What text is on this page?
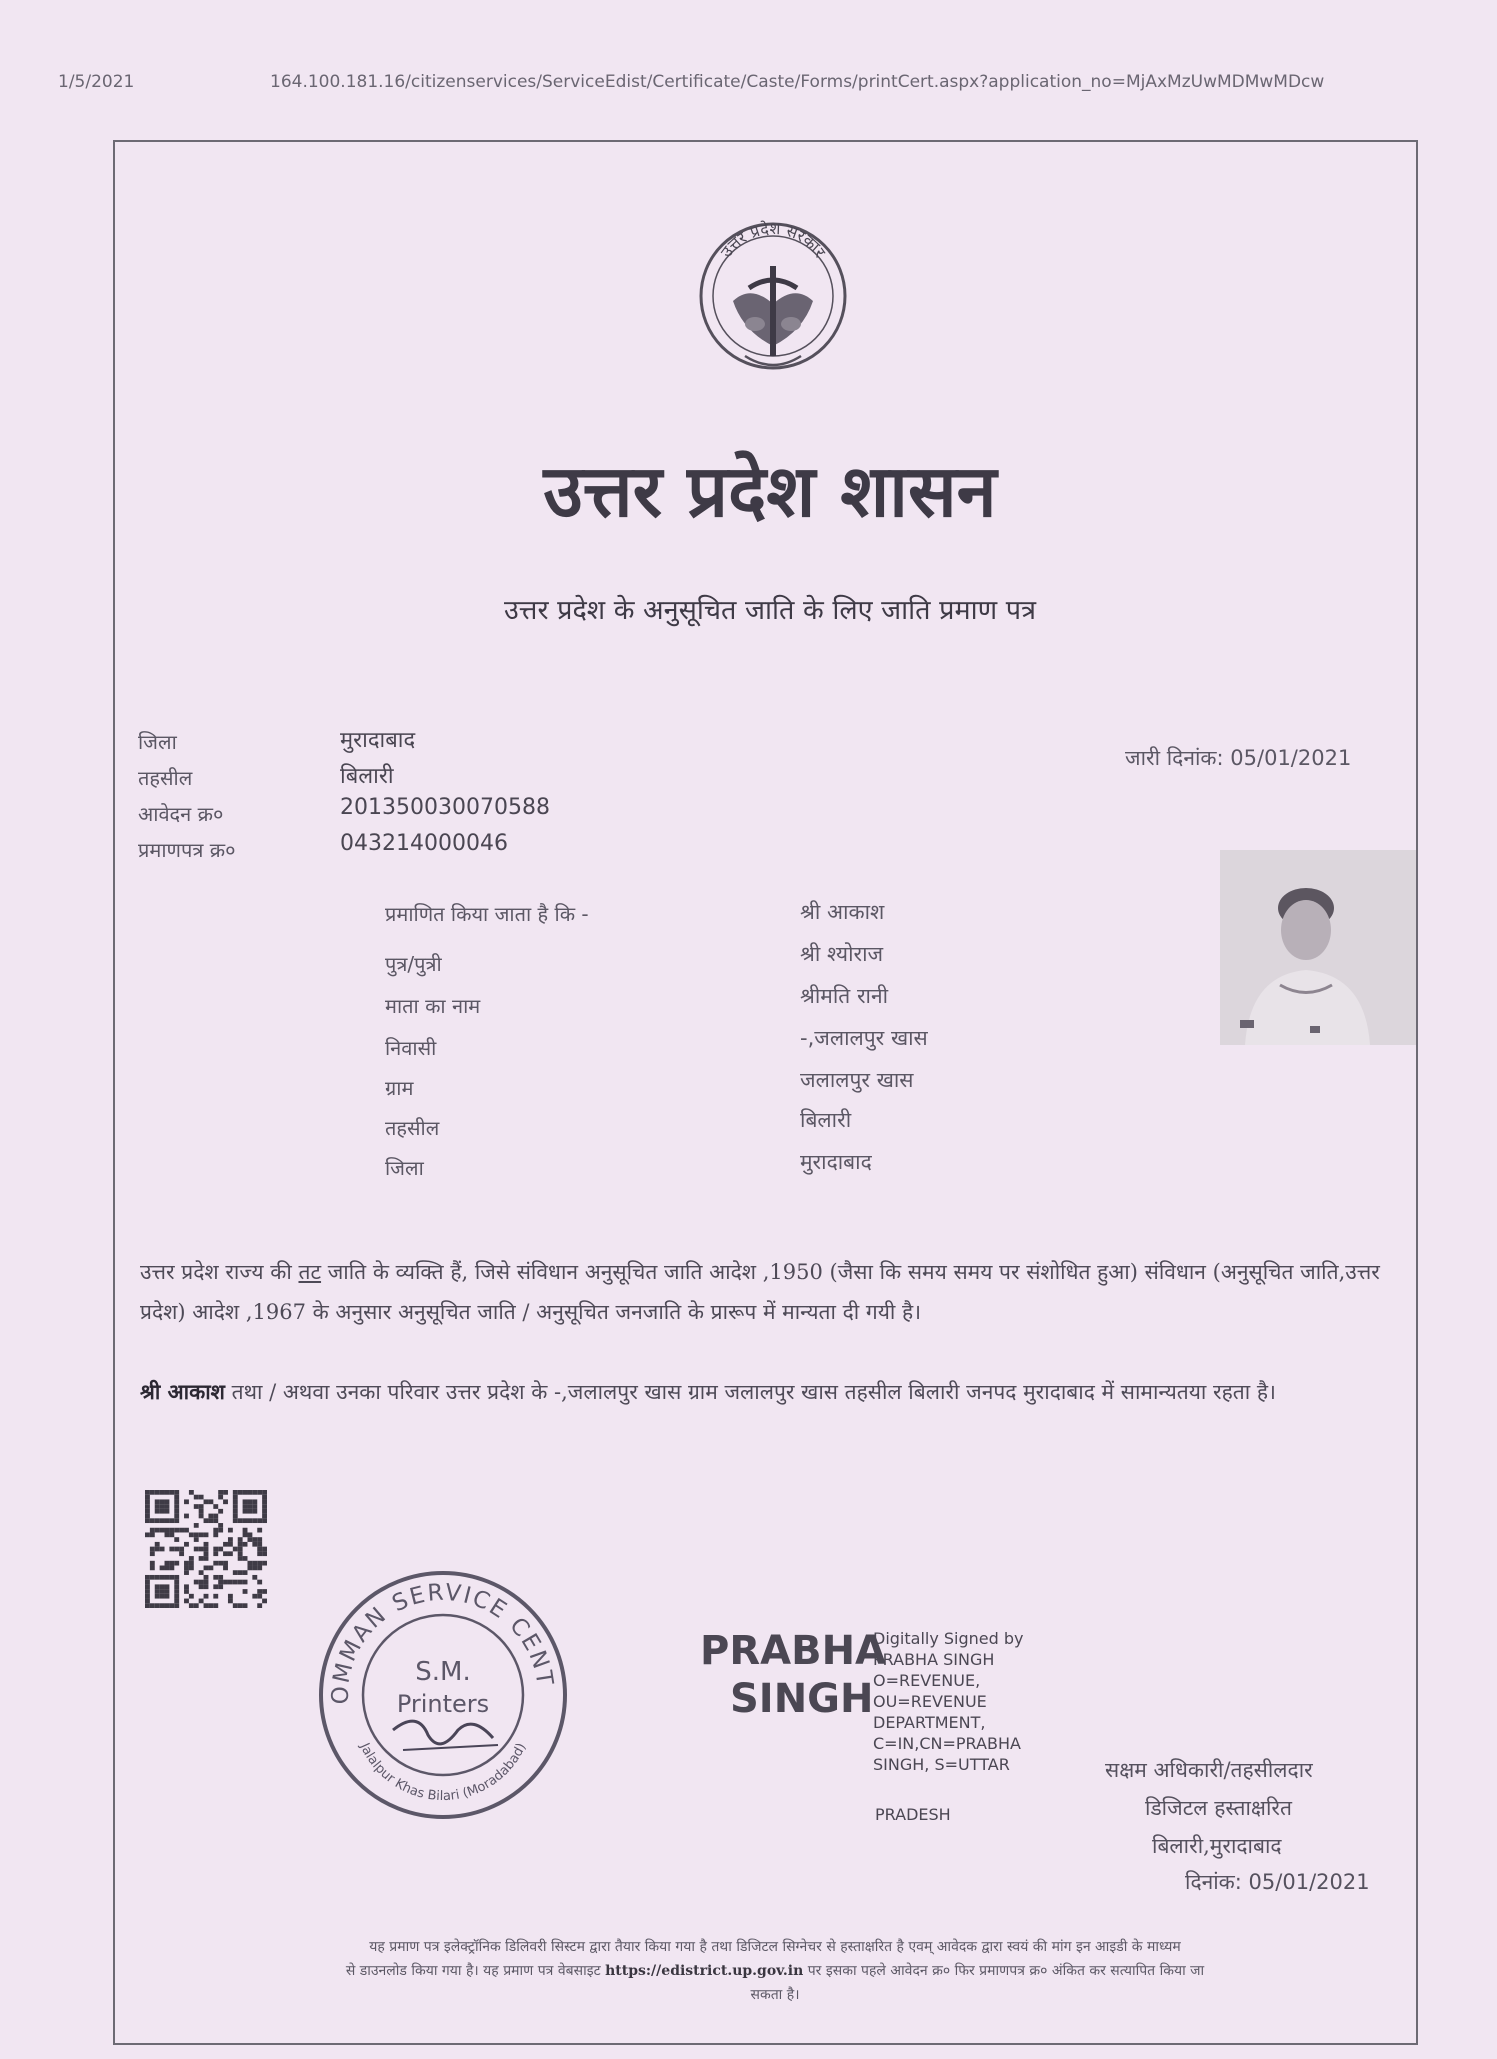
1/5/2021	164.100.181.16/citizenservices/ServiceEdist/Certificate/Caste/Forms/printCert.aspx?application_no=MjAxMzUwMDMwMDcw
उत्तर प्रदेश सरकार
उत्तर प्रदेश शासन
उत्तर प्रदेश के अनुसूचित जाति के लिए जाति प्रमाण पत्र
जिला	मुरादाबाद
तहसील	बिलारी
आवेदन क्र०	201350030070588
प्रमाणपत्र क्र०	043214000046
जारी दिनांक: 05/01/2021
प्रमाणित किया जाता है कि -	श्री आकाश
पुत्र/पुत्री	श्री श्योराज
माता का नाम	श्रीमति रानी
निवासी	-,जलालपुर खास
ग्राम	जलालपुर खास
तहसील	बिलारी
जिला	मुरादाबाद
उत्तर प्रदेश राज्य की तट जाति के व्यक्ति हैं, जिसे संविधान अनुसूचित जाति आदेश ,1950 (जैसा कि समय समय पर संशोधित हुआ) संविधान (अनुसूचित जाति,उत्तर प्रदेश) आदेश ,1967 के अनुसार अनुसूचित जाति / अनुसूचित जनजाति के प्रारूप में मान्यता दी गयी है।
श्री आकाश तथा / अथवा उनका परिवार उत्तर प्रदेश के -,जलालपुर खास ग्राम जलालपुर खास तहसील बिलारी जनपद मुरादाबाद में सामान्यतया रहता है।
OMMAN SERVICE CENT
Jalalpur Khas Bilari (Moradabad)
S.M.
Printers
PRABHA
SINGH
Digitally Signed by
PRABHA SINGH
O=REVENUE,
OU=REVENUE
DEPARTMENT,
C=IN,CN=PRABHA
SINGH, S=UTTAR
PRADESH
सक्षम अधिकारी/तहसीलदार
डिजिटल हस्ताक्षरित
बिलारी,मुरादाबाद
दिनांक: 05/01/2021
यह प्रमाण पत्र इलेक्ट्रॉनिक डिलिवरी सिस्टम द्वारा तैयार किया गया है तथा डिजिटल सिग्नेचर से हस्ताक्षरित है एवम् आवेदक द्वारा स्वयं की मांग इन आइडी के माध्यम
से डाउनलोड किया गया है। यह प्रमाण पत्र वेबसाइट https://edistrict.up.gov.in पर इसका पहले आवेदन क्र० फिर प्रमाणपत्र क्र० अंकित कर सत्यापित किया जा
सकता है।
